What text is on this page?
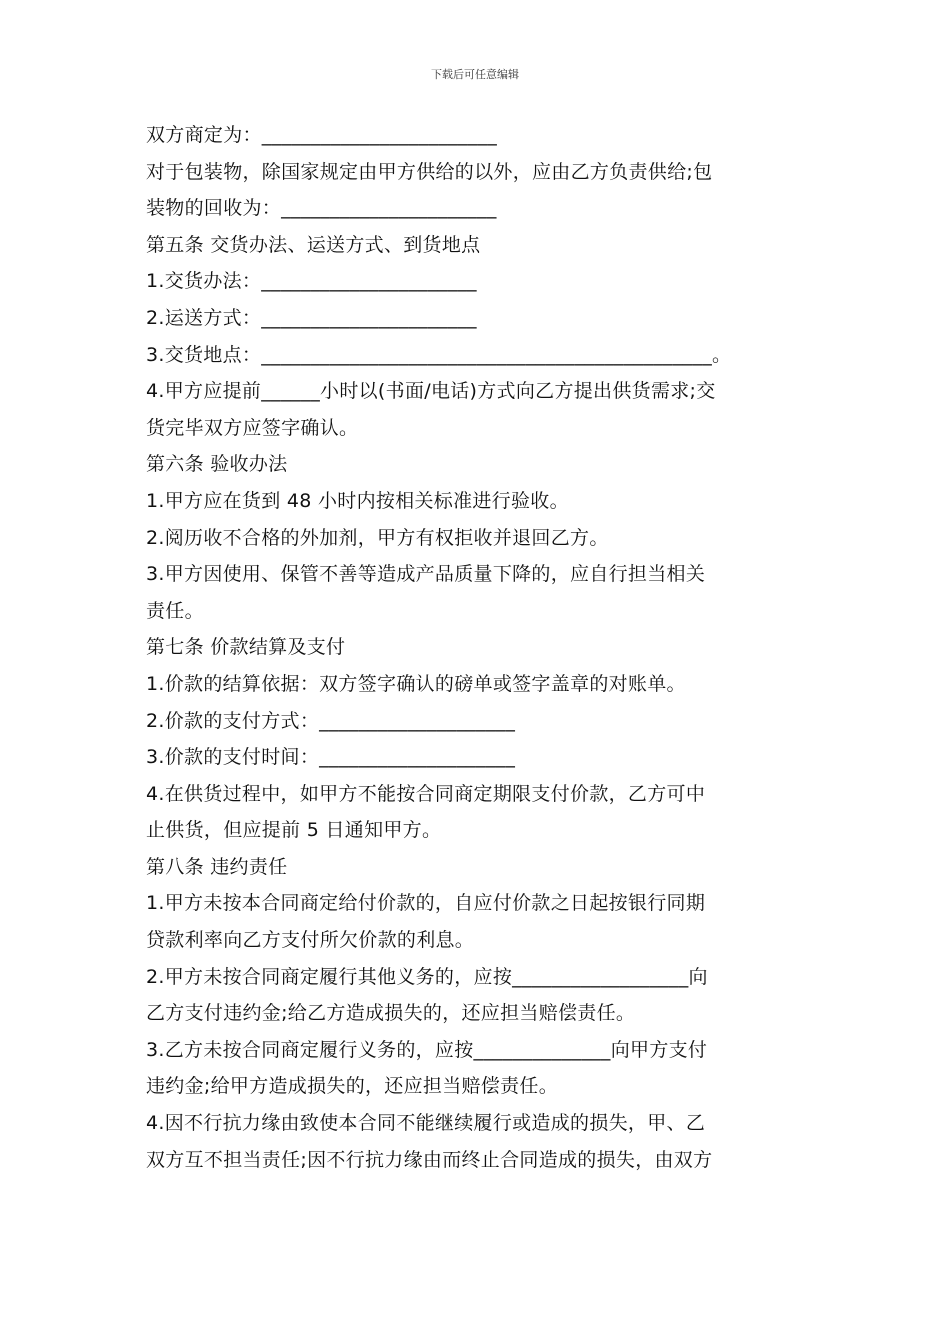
下载后可任意编辑

双方商定为：________________________

对于包装物，除国家规定由甲方供给的以外，应由乙方负责供给;包

装物的回收为：______________________

第五条 交货办法、运送方式、到货地点

1.交货办法：______________________

2.运送方式：______________________

3.交货地点：______________________________________________。

4.甲方应提前______小时以(书面/电话)方式向乙方提出供货需求;交

货完毕双方应签字确认。

第六条 验收办法

1.甲方应在货到 48 小时内按相关标准进行验收。

2.阅历收不合格的外加剂，甲方有权拒收并退回乙方。

3.甲方因使用、保管不善等造成产品质量下降的，应自行担当相关

责任。

第七条 价款结算及支付

1.价款的结算依据：双方签字确认的磅单或签字盖章的对账单。

2.价款的支付方式：____________________

3.价款的支付时间：____________________

4.在供货过程中，如甲方不能按合同商定期限支付价款，乙方可中

止供货，但应提前 5 日通知甲方。

第八条 违约责任

1.甲方未按本合同商定给付价款的，自应付价款之日起按银行同期

贷款利率向乙方支付所欠价款的利息。

2.甲方未按合同商定履行其他义务的，应按__________________向

乙方支付违约金;给乙方造成损失的，还应担当赔偿责任。

3.乙方未按合同商定履行义务的，应按______________向甲方支付

违约金;给甲方造成损失的，还应担当赔偿责任。

4.因不行抗力缘由致使本合同不能继续履行或造成的损失，甲、乙

双方互不担当责任;因不行抗力缘由而终止合同造成的损失，由双方
